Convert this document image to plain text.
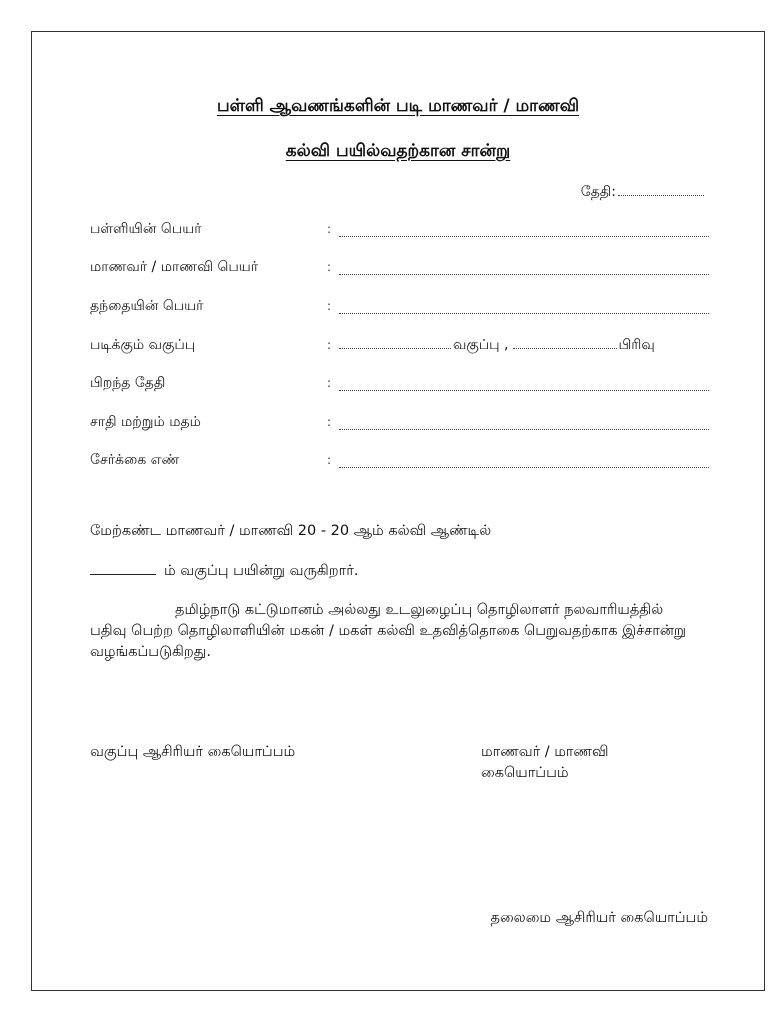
பள்ளி ஆவணங்களின் படி மாணவர் / மாணவி
கல்வி பயில்வதற்கான சான்று
தேதி:
பள்ளியின் பெயர்	:
மாணவர் / மாணவி பெயர்	:
தந்தையின் பெயர்	:
படிக்கும் வகுப்பு	:	வகுப்பு ,	பிரிவு
பிறந்த தேதி	:
சாதி மற்றும் மதம்	:
சேர்க்கை எண்	:
மேற்கண்ட மாணவர் / மாணவி 20 - 20 ஆம் கல்வி ஆண்டில்
ம் வகுப்பு பயின்று வருகிறார்.
தமிழ்நாடு கட்டுமானம் அல்லது உடலுழைப்பு தொழிலாளர் நலவாரியத்தில் பதிவு பெற்ற தொழிலாளியின் மகன் / மகள் கல்வி உதவித்தொகை பெறுவதற்காக இச்சான்று வழங்கப்படுகிறது.
வகுப்பு ஆசிரியர் கையொப்பம்	மாணவர் / மாணவி
கையொப்பம்
தலைமை ஆசிரியர் கையொப்பம்
